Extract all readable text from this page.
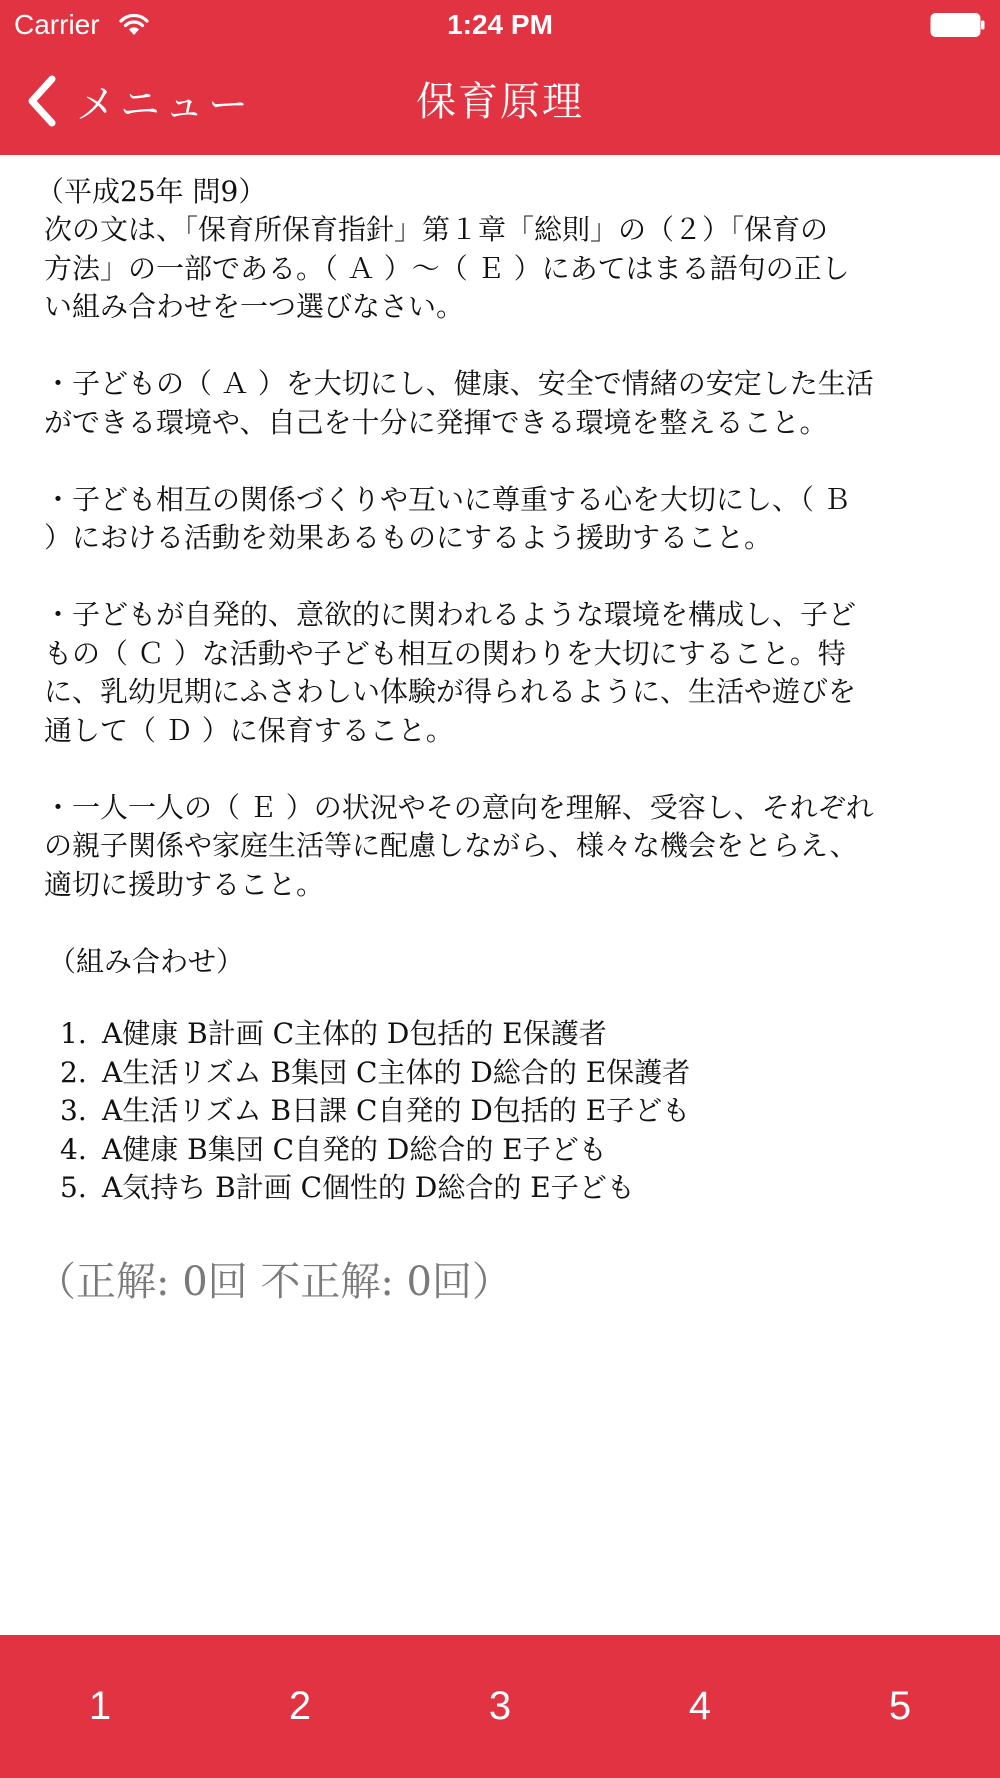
Carrier	1:24 PM
保育原理
メニュー
（平成25年 問9）

次の文は、「保育所保育指針」第１章「総則」の（２）「保育の
方法」の一部である。（ Ａ ）～（ Ｅ ）にあてはまる語句の正し
い組み合わせを一つ選びなさい。

・子どもの（ Ａ ）を大切にし、健康、安全で情緒の安定した生活
ができる環境や、自己を十分に発揮できる環境を整えること。

・子ども相互の関係づくりや互いに尊重する心を大切にし、（ Ｂ
）における活動を効果あるものにするよう援助すること。

・子どもが自発的、意欲的に関われるような環境を構成し、子ど
もの（ Ｃ ）な活動や子ども相互の関わりを大切にすること。特
に、乳幼児期にふさわしい体験が得られるように、生活や遊びを
通して（ Ｄ ）に保育すること。

・一人一人の（ Ｅ ）の状況やその意向を理解、受容し、それぞれ
の親子関係や家庭生活等に配慮しながら、様々な機会をとらえ、
適切に援助すること。

（組み合わせ）
1. A健康 B計画 C主体的 D包括的 E保護者
2. A生活リズム B集団 C主体的 D総合的 E保護者
3. A生活リズム B日課 C自発的 D包括的 E子ども
4. A健康 B集団 C自発的 D総合的 E子ども
5. A気持ち B計画 C個性的 D総合的 E子ども
（正解: 0回 不正解: 0回）
1	2	3	4	5
